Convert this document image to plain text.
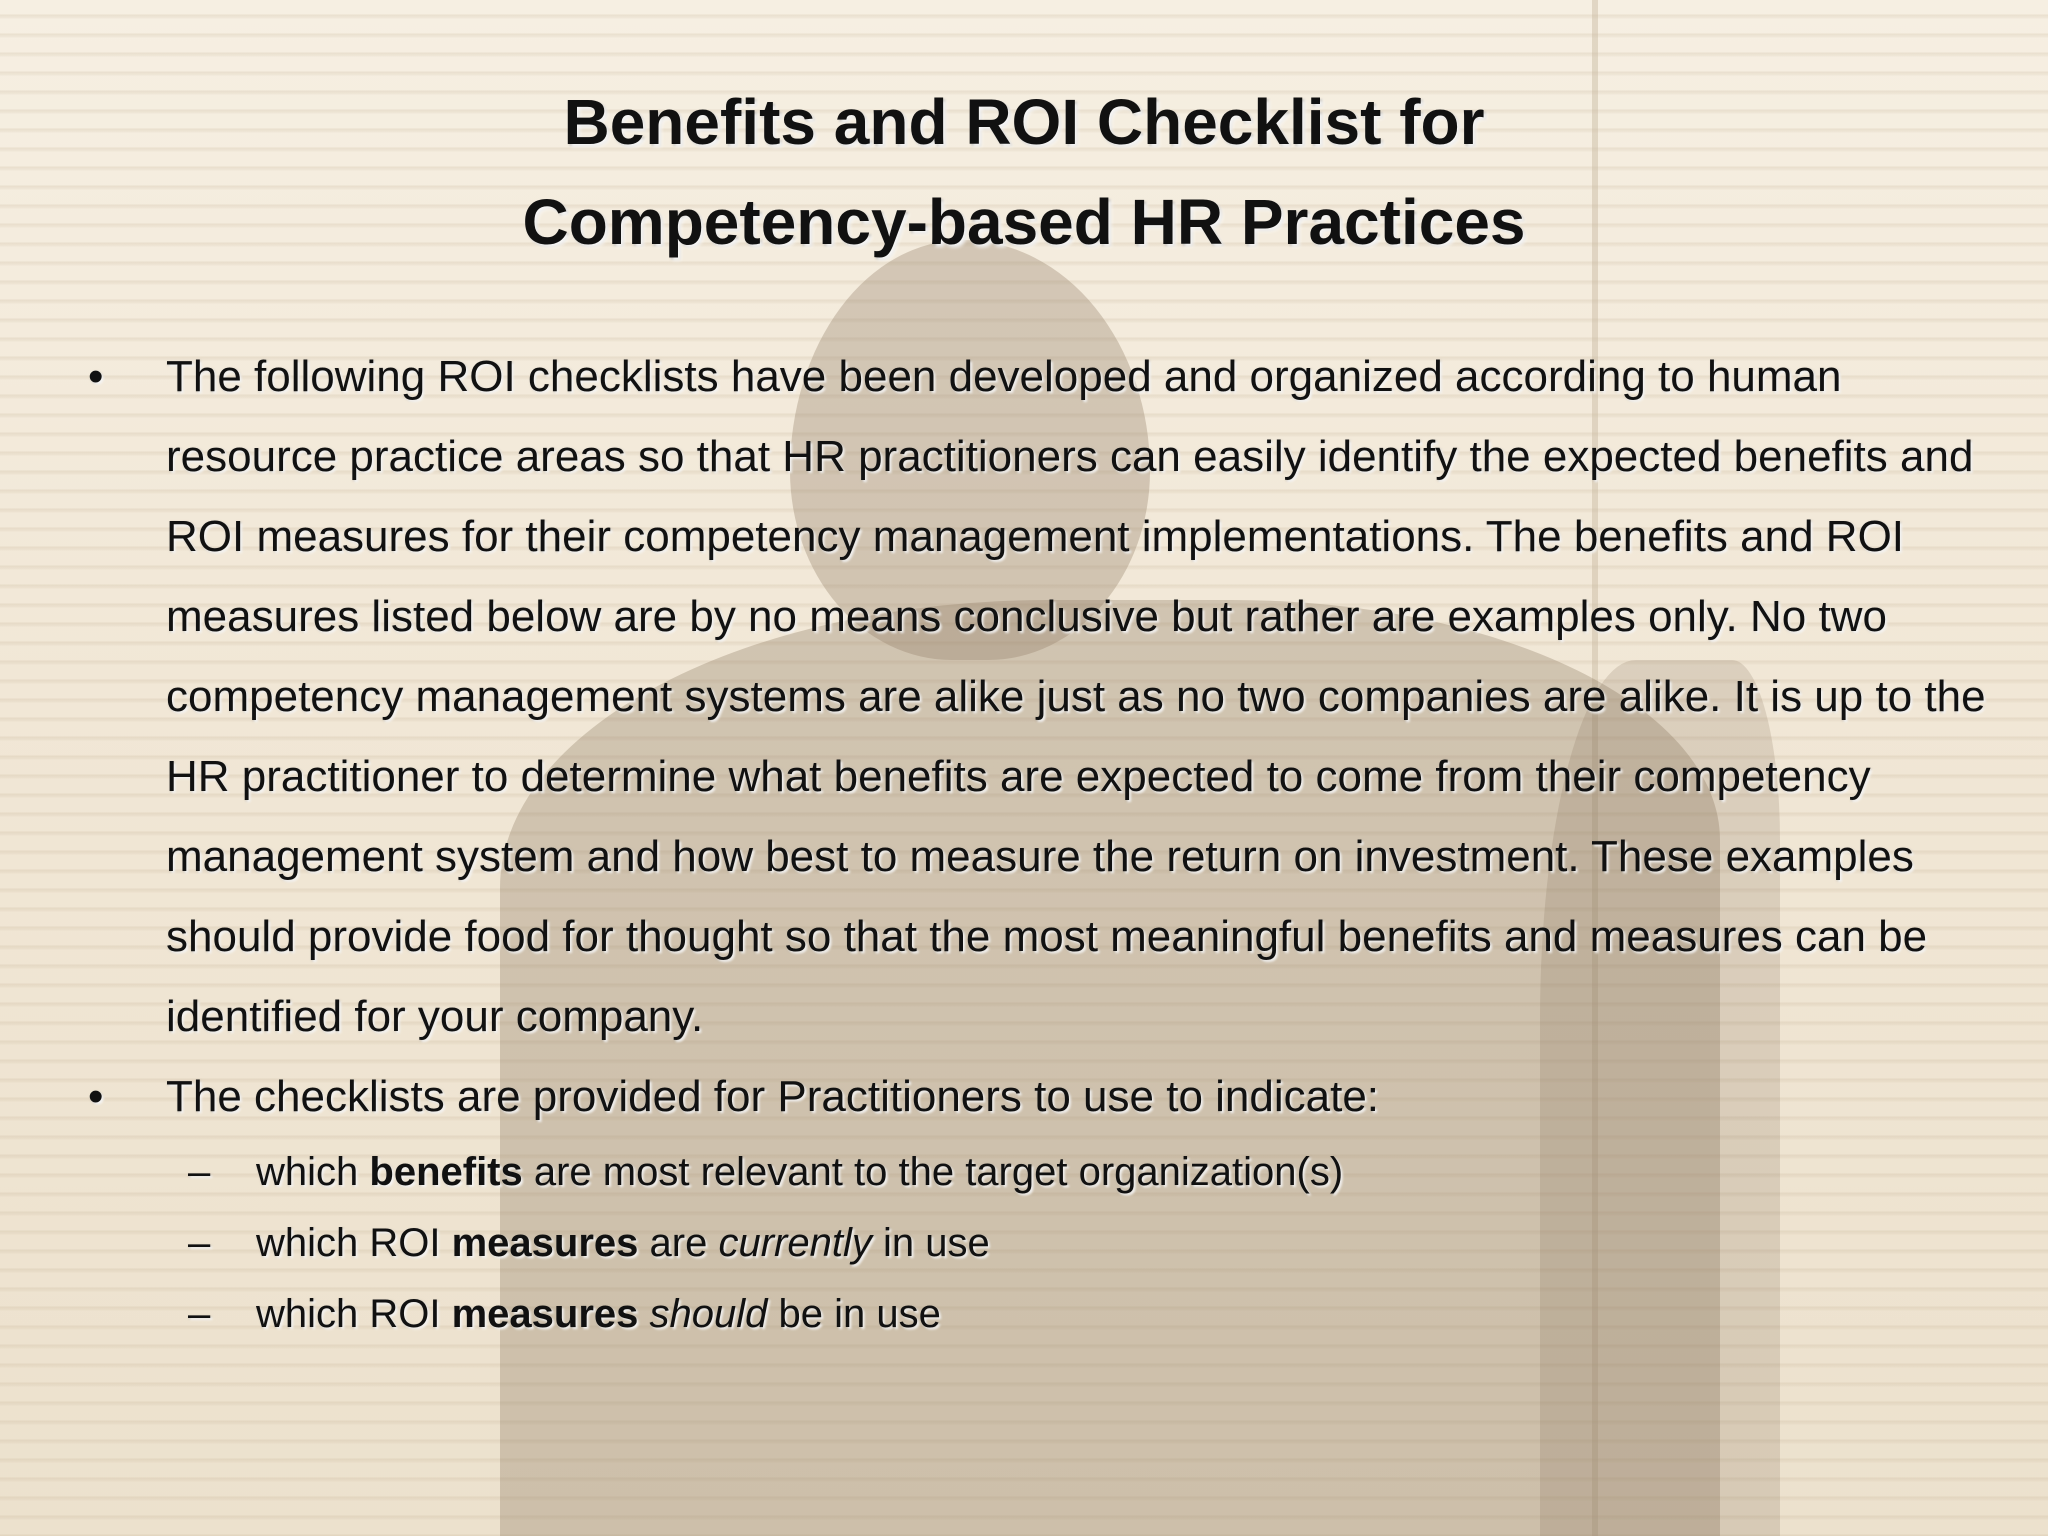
Benefits and ROI Checklist for
Competency-based HR Practices
•	The following ROI checklists have been developed and organized according to human resource practice areas so that HR practitioners can easily identify the expected benefits and ROI measures for their competency management implementations. The benefits and ROI measures listed below are by no means conclusive but rather are examples only. No two competency management systems are alike just as no two companies are alike. It is up to the HR practitioner to determine what benefits are expected to come from their competency management system and how best to measure the return on investment. These examples should provide food for thought so that the most meaningful benefits and measures can be identified for your company.
•	The checklists are provided for Practitioners to use to indicate:
– which benefits are most relevant to the target organization(s)
– which ROI measures are currently in use
– which ROI measures should be in use
